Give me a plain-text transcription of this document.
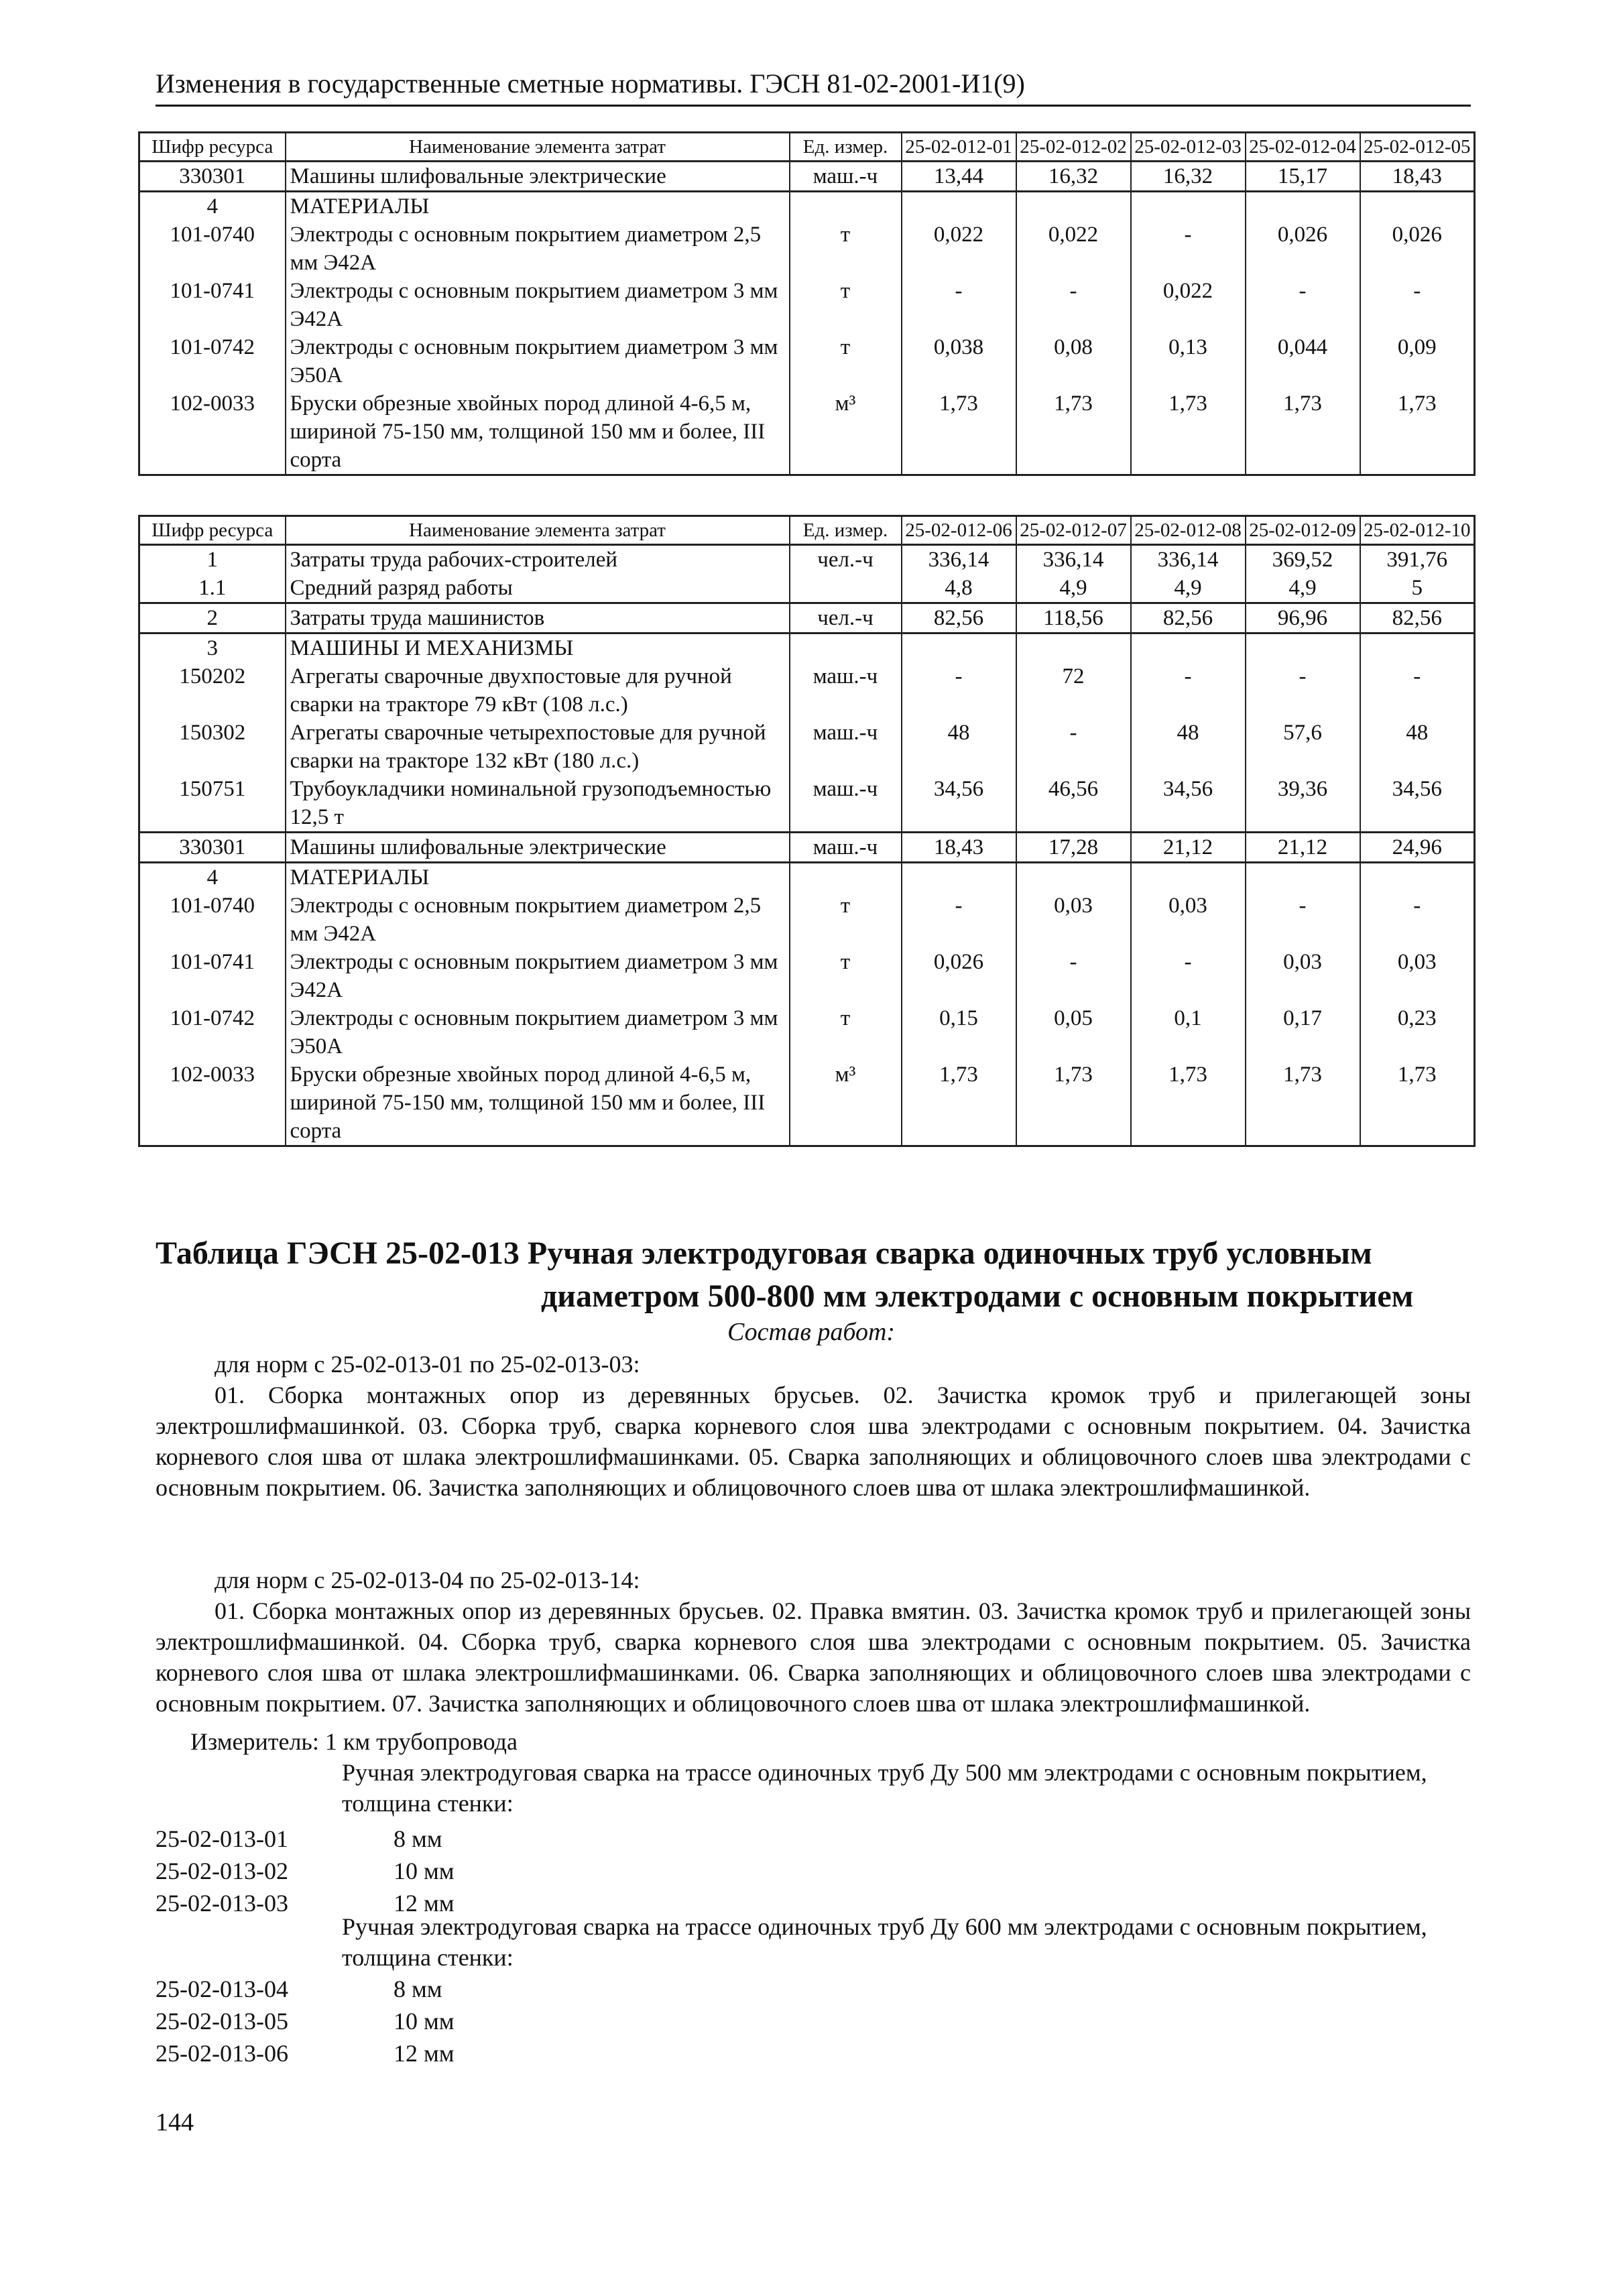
Изменения в государственные сметные нормативы. ГЭСН 81-02-2001-И1(9)
Шифр ресурса	Наименование элемента затрат	Ед. измер.	25-02-012-01	25-02-012-02	25-02-012-03	25-02-012-04	25-02-012-05
330301	Машины шлифовальные электрические	маш.-ч	13,44	16,32	16,32	15,17	18,43
4	МАТЕРИАЛЫ						
101-0740	Электроды с основным покрытием диаметром 2,5 мм Э42А	т	0,022	0,022	-	0,026	0,026
101-0741	Электроды с основным покрытием диаметром 3 мм Э42А	т	-	-	0,022	-	-
101-0742	Электроды с основным покрытием диаметром 3 мм Э50А	т	0,038	0,08	0,13	0,044	0,09
102-0033	Бруски обрезные хвойных пород длиной 4-6,5 м, шириной 75-150 мм, толщиной 150 мм и более, III сорта	м³	1,73	1,73	1,73	1,73	1,73
Шифр ресурса	Наименование элемента затрат	Ед. измер.	25-02-012-06	25-02-012-07	25-02-012-08	25-02-012-09	25-02-012-10
1	Затраты труда рабочих-строителей	чел.-ч	336,14	336,14	336,14	369,52	391,76
1.1	Средний разряд работы		4,8	4,9	4,9	4,9	5
2	Затраты труда машинистов	чел.-ч	82,56	118,56	82,56	96,96	82,56
3	МАШИНЫ И МЕХАНИЗМЫ						
150202	Агрегаты сварочные двухпостовые для ручной сварки на тракторе 79 кВт (108 л.с.)	маш.-ч	-	72	-	-	-
150302	Агрегаты сварочные четырехпостовые для ручной сварки на тракторе 132 кВт (180 л.с.)	маш.-ч	48	-	48	57,6	48
150751	Трубоукладчики номинальной грузоподъемностью 12,5 т	маш.-ч	34,56	46,56	34,56	39,36	34,56
330301	Машины шлифовальные электрические	маш.-ч	18,43	17,28	21,12	21,12	24,96
4	МАТЕРИАЛЫ						
101-0740	Электроды с основным покрытием диаметром 2,5 мм Э42А	т	-	0,03	0,03	-	-
101-0741	Электроды с основным покрытием диаметром 3 мм Э42А	т	0,026	-	-	0,03	0,03
101-0742	Электроды с основным покрытием диаметром 3 мм Э50А	т	0,15	0,05	0,1	0,17	0,23
102-0033	Бруски обрезные хвойных пород длиной 4-6,5 м, шириной 75-150 мм, толщиной 150 мм и более, III сорта	м³	1,73	1,73	1,73	1,73	1,73
Таблица ГЭСН 25-02-013 Ручная электродуговая сварка одиночных труб условным
диаметром 500-800 мм электродами с основным покрытием
Состав работ:
для норм с 25-02-013-01 по 25-02-013-03:
01. Сборка монтажных опор из деревянных брусьев. 02. Зачистка кромок труб и прилегающей зоны электрошлифмашинкой. 03. Сборка труб, сварка корневого слоя шва электродами с основным покрытием. 04. Зачистка корневого слоя шва от шлака электрошлифмашинками. 05. Сварка заполняющих и облицовочного слоев шва электродами с основным покрытием. 06. Зачистка заполняющих и облицовочного слоев шва от шлака электрошлифмашинкой.
для норм с 25-02-013-04 по 25-02-013-14:
01. Сборка монтажных опор из деревянных брусьев. 02. Правка вмятин. 03. Зачистка кромок труб и прилегающей зоны электрошлифмашинкой. 04. Сборка труб, сварка корневого слоя шва электродами с основным покрытием. 05. Зачистка корневого слоя шва от шлака электрошлифмашинками. 06. Сварка заполняющих и облицовочного слоев шва электродами с основным покрытием. 07. Зачистка заполняющих и облицовочного слоев шва от шлака электрошлифмашинкой.
Измеритель: 1 км трубопровода
Ручная электродуговая сварка на трассе одиночных труб Ду 500 мм электродами с основным покрытием, толщина стенки:
25-02-013-01	8 мм
25-02-013-02	10 мм
25-02-013-03	12 мм
Ручная электродуговая сварка на трассе одиночных труб Ду 600 мм электродами с основным покрытием, толщина стенки:
25-02-013-04	8 мм
25-02-013-05	10 мм
25-02-013-06	12 мм
144
